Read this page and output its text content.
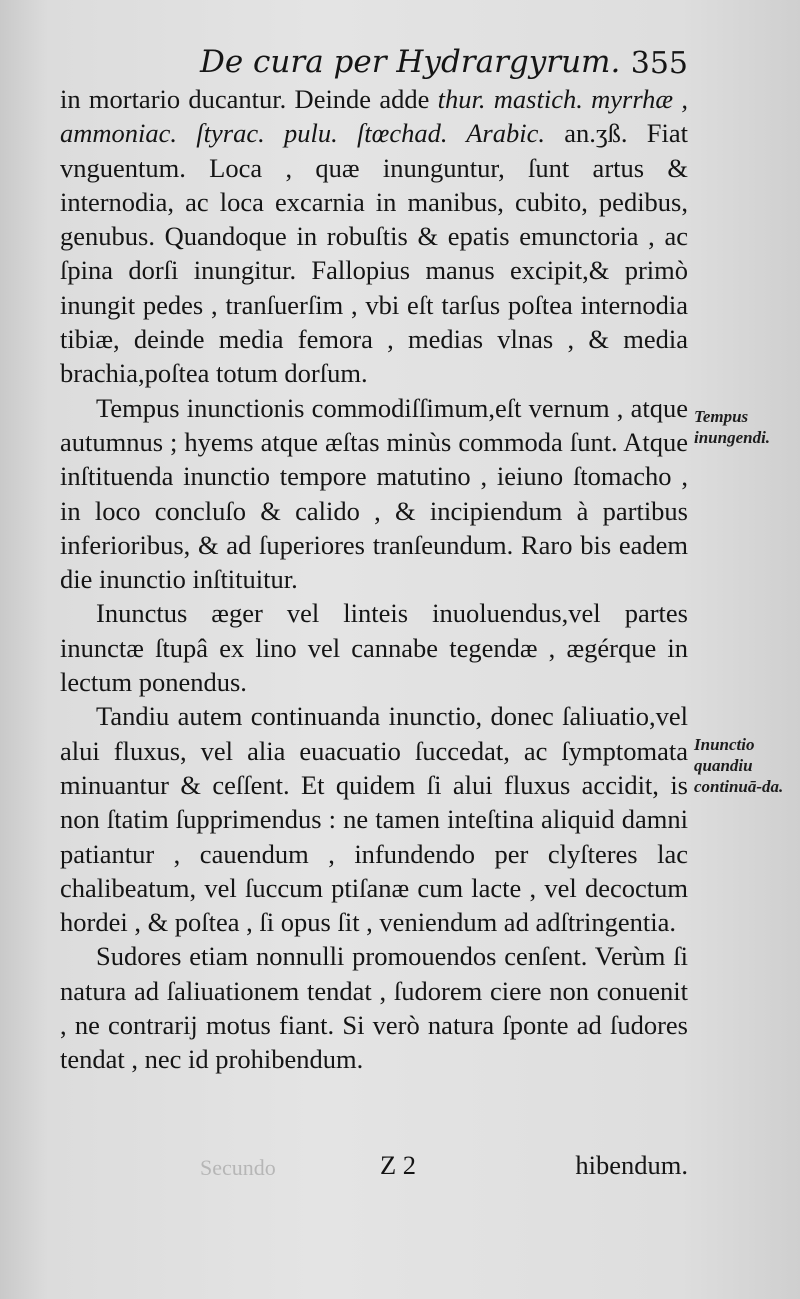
De cura per Hydrargyrum. 355

in mortario ducantur. Deinde adde thur. mastich. myrrhæ , ammoniac. ſtyrac. pulu. ſtœchad. Arabic. an.ʒß. Fiat vnguentum. Loca , quæ inunguntur, ſunt artus & internodia, ac loca excarnia in manibus, cubito, pedibus, genubus. Quandoque in robuſtis & epatis emunctoria , ac ſpina dorſi inungitur. Fallopius manus excipit,& primò inungit pedes , tranſuerſim , vbi eſt tarſus poſtea internodia tibiæ, deinde media femora , medias vlnas , & media brachia,poſtea totum dorſum.

Tempus inunctionis commodiſſimum,eſt vernum , atque autumnus ; hyems atque æſtas minùs commoda ſunt. Atque inſtituenda inunctio tempore matutino , ieiuno ſtomacho , in loco concluſo & calido , & incipiendum à partibus inferioribus, & ad ſuperiores tranſeundum. Raro bis eadem die inunctio inſtituitur.

Inunctus æger vel linteis inuoluendus,vel partes inunctæ ſtupâ ex lino vel cannabe tegendæ , ægérque in lectum ponendus.

Tandiu autem continuanda inunctio, donec ſaliuatio,vel alui fluxus, vel alia euacuatio ſuccedat, ac ſymptomata minuantur & ceſſent. Et quidem ſi alui fluxus accidit, is non ſtatim ſupprimendus : ne tamen inteſtina aliquid damni patiantur , cauendum , infundendo per clyſteres lac chalibeatum, vel ſuccum ptiſanæ cum lacte , vel decoctum hordei , & poſtea , ſi opus ſit , veniendum ad adſtringentia.

Sudores etiam nonnulli promouendos cenſent. Verùm ſi natura ad ſaliuationem tendat , ſudorem ciere non conuenit , ne contrarij motus fiant. Si verò natura ſponte ad ſudores tendat , nec id prohibendum.

Tempus inungendi.
Inunctio quandiu continuā-da.
Secundo	Z 2	hibendum.
